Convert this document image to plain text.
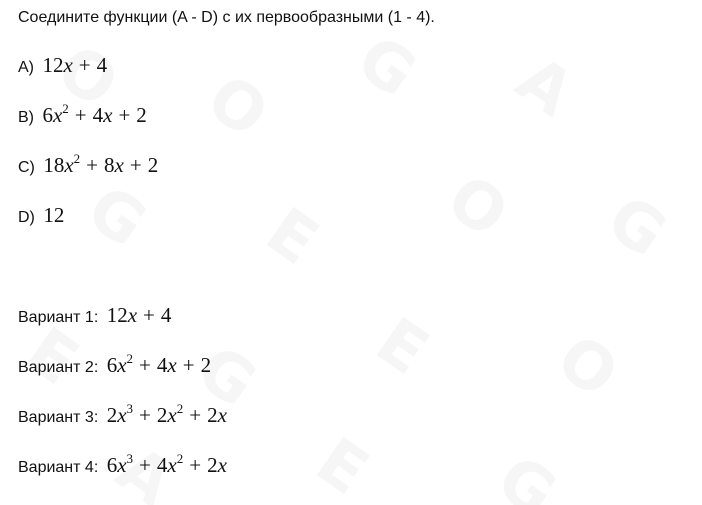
Соедините функции (A - D) с их первообразными (1 - 4).
A) 12x + 4
B) $6x^2 + 4x + 2$
C) $18x^2 + 8x + 2$
D) 12
Вариант 1: 12x + 4
Вариант 2: $6x^2 + 4x + 2$
Вариант 3: $2x^3 + 2x^2 + 2x$
Вариант 4: $6x^3 + 4x^2 + 2x$
